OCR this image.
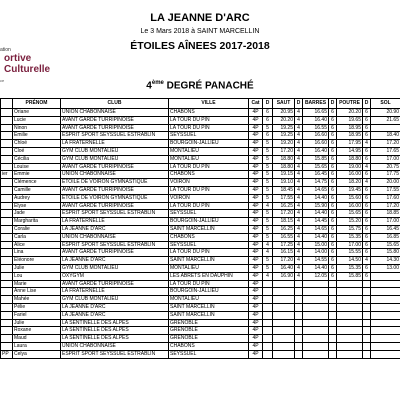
LA JEANNE D'ARC
Le 3 Mars 2018 à SAINT MARCELLIN
ÉTOILES AÎNEES 2017-2018
ation
ortive
Culturelle
ce	4ème DEGRÉ PANACHÉ
	PRÉNOM	CLUB	VILLE	Cat	D	SAUT	D	BARRES	D	POUTRE	D	SOL
	Oriane	UNION CHABONNAISE	CHÂBONS	4P	6	20.95	4	16.65	6	20.20	6	20.90
	Lucie	AVANT GARDE TURRIPINOISE	LA TOUR DU PIN	4P	6	20.20	4	16.40	6	19.65	6	21.65
	Ninon	AVANT GARDE TURRIPINOISE	LA TOUR DU PIN	4P	5	19.25	4	16.55	6	18.95	6	
	Émilie	ESPRIT SPORT SEYSSUEL ESTRABLIN	SEYSSUEL	4P	6	19.25	4	16.60	6	18.95	6	18.40
	Chloé	LA FRATERNELLE	BOURGOIN-JALLIEU	4P	5	19.20	4	16.60	6	17.95	4	17.20
	Cloé	GYM CLUB MONTALIEU	MONTALIEU	4P	5	17.20	4	16.40	6	14.95	6	17.65
	Cécilia	GYM CLUB MONTALIEU	MONTALIEU	4P	5	18.80	4	15.85	6	18.80	6	17.00
	Louise	AVANT GARDE TURRIPINOISE	LA TOUR DU PIN	4P	5	18.80	4	15.65	6	19.00	4	20.75
ier	Emmie	UNION CHABONNAISE	CHÂBONS	4P	5	19.15	4	16.45	6	16.00	6	17.75
	Clémence	ETOILE DE VOIRON GYMNASTIQUE	VOIRON	4P	5	19.10	4	14.75	6	18.20	4	20.00
	Camille	AVANT GARDE TURRIPINOISE	LA TOUR DU PIN	4P	5	18.45	4	14.65	6	19.45	6	17.55
	Audrey	ETOILE DE VOIRON GYMNASTIQUE	VOIRON	4P	5	17.55	4	14.40	6	15.60	6	17.60
	Elyse	AVANT GARDE TURRIPINOISE	LA TOUR DU PIN	4P	4	16.25	4	15.90	6	16.00	6	17.20
	Jade	ESPRIT SPORT SEYSSUEL ESTRABLIN	SEYSSUEL	4P	5	17.20	4	14.40	6	15.65	6	18.85
	Margharita	LA FRATERNELLE	BOURGOIN-JALLIEU	4P	5	18.15	4	14.45	6	15.20	6	17.00
	Coralie	LA JEANNE D'ARC	SAINT MARCELLIN	4P	5	16.25	4	14.65	6	15.75	6	16.45
	Carla	UNION CHABONNAISE	CHÂBONS	4P	5	16.55	4	14.40	6	15.35	6	16.85
	Alice	ESPRIT SPORT SEYSSUEL ESTRABLIN	SEYSSUEL	4P	4	17.25	4	15.00	6	17.00	6	15.65
	Lina	AVANT GARDE TURRIPINOISE	LA TOUR DU PIN	4P	4	16.15	4	14.00	6	15.55	6	15.80
	Eléonore	LA JEANNE D'ARC	SAINT MARCELLIN	4P	5	17.20	4	14.55	6	14.50	4	14.30
	Julie	GYM CLUB MONTALIEU	MONTALIEU	4P	5	16.40	4	14.40	6	15.35	6	13.00
	Lou	OXYGYM	LES ABRETS EN DAUPHIN	4P	4	16.90	4	12.05	6	15.85	6	
	Marie	AVANT GARDE TURRIPINOISE	LA TOUR DU PIN	4P								
	Anne Lise	LA FRATERNELLE	BOURGOIN-JALLIEU	4P								
	Mahée	GYM CLUB MONTALIEU	MONTALIEU	4P								
	Pélie	LA JEANNE D'ARC	SAINT MARCELLIN	4P								
	Fariel	LA JEANNE D'ARC	SAINT MARCELLIN	4P								
	Julie	LA SENTINELLE DES ALPES	GRENOBLE	4P								
	Roxane	LA SENTINELLE DES ALPES	GRENOBLE	4P								
	Maud	LA SENTINELLE DES ALPES	GRENOBLE	4P								
	Laura	UNION CHABONNAISE	CHÂBONS	4P								
PP	Celya	ESPRIT SPORT SEYSSUEL ESTRABLIN	SEYSSUEL	4P								
